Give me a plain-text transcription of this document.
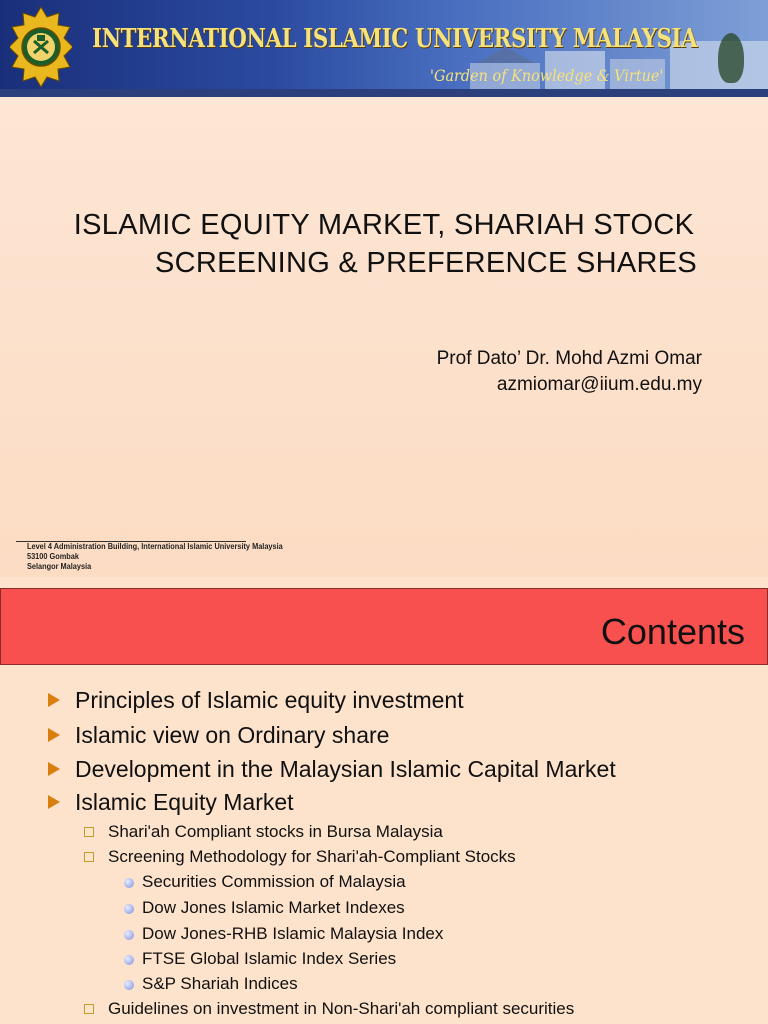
INTERNATIONAL ISLAMIC UNIVERSITY MALAYSIA
'Garden of Knowledge & Virtue'
ISLAMIC EQUITY MARKET, SHARIAH STOCK
SCREENING & PREFERENCE SHARES
Prof Dato’ Dr. Mohd Azmi Omar
azmiomar@iium.edu.my
Level 4 Administration Building, International Islamic University Malaysia
53100 Gombak
Selangor Malaysia
Contents
Principles of Islamic equity investment
Islamic view on Ordinary share
Development in the Malaysian Islamic Capital Market
Islamic Equity Market
Shari'ah Compliant stocks in Bursa Malaysia
Screening Methodology for Shari'ah-Compliant Stocks
Securities Commission of Malaysia
Dow Jones Islamic Market Indexes
Dow Jones-RHB Islamic Malaysia Index
FTSE Global Islamic Index Series
S&P Shariah Indices
Guidelines on investment in Non-Shari'ah compliant securities
